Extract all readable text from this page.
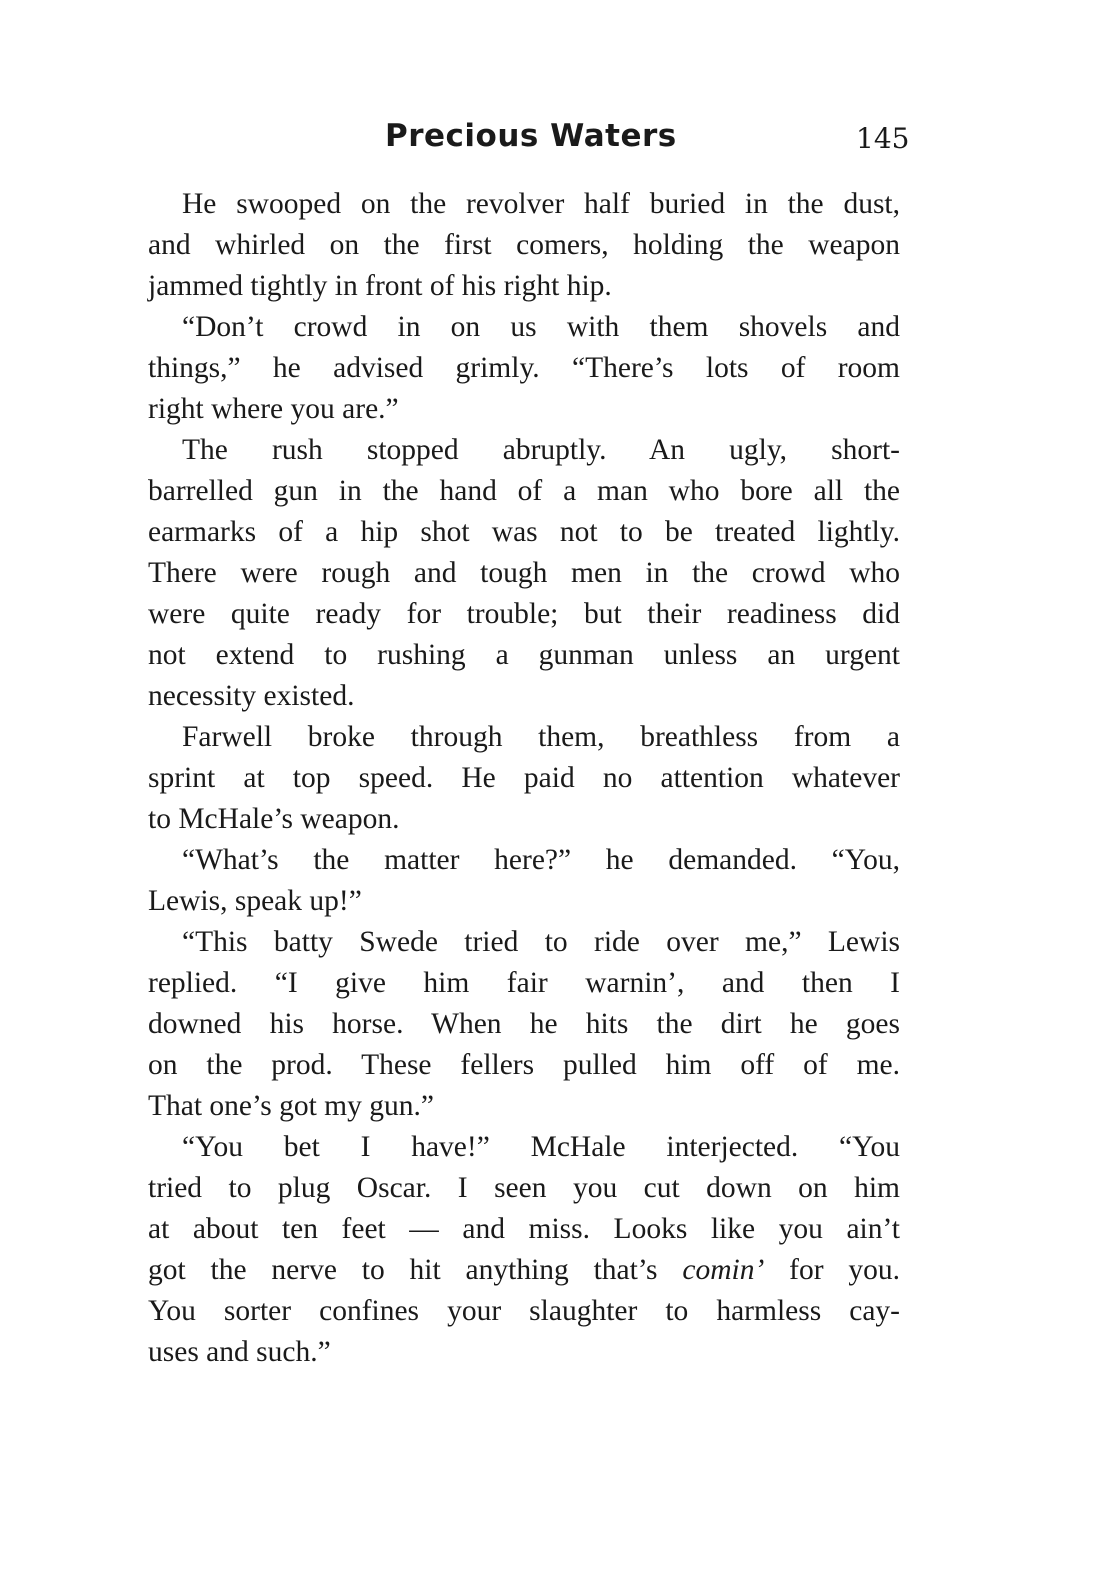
Precious Waters	145
He swooped on the revolver half buried in the dust,
and whirled on the first comers, holding the weapon
jammed tightly in front of his right hip.
“Don’t crowd in on us with them shovels and
things,” he advised grimly. “There’s lots of room
right where you are.”
The rush stopped abruptly. An ugly, short-
barrelled gun in the hand of a man who bore all the
earmarks of a hip shot was not to be treated lightly.
There were rough and tough men in the crowd who
were quite ready for trouble; but their readiness did
not extend to rushing a gunman unless an urgent
necessity existed.
Farwell broke through them, breathless from a
sprint at top speed. He paid no attention whatever
to McHale’s weapon.
“What’s the matter here?” he demanded. “You,
Lewis, speak up!”
“This batty Swede tried to ride over me,” Lewis
replied. “I give him fair warnin’, and then I
downed his horse. When he hits the dirt he goes
on the prod. These fellers pulled him off of me.
That one’s got my gun.”
“You bet I have!” McHale interjected. “You
tried to plug Oscar. I seen you cut down on him
at about ten feet — and miss. Looks like you ain’t
got the nerve to hit anything that’s comin’ for you.
You sorter confines your slaughter to harmless cay-
uses and such.”
